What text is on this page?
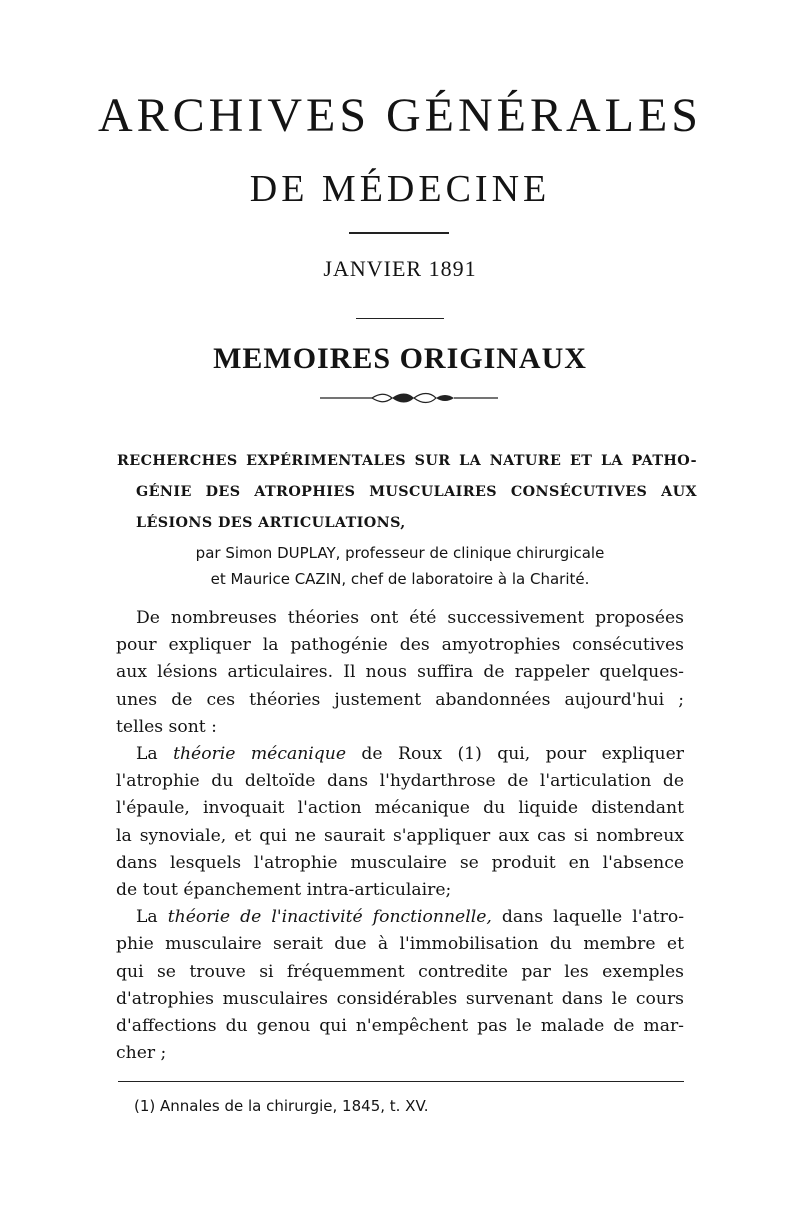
ARCHIVES GÉNÉRALES
DE MÉDECINE
JANVIER 1891
MEMOIRES ORIGINAUX
RECHERCHES EXPÉRIMENTALES SUR LA NATURE ET LA PATHO-
GÉNIE DES ATROPHIES MUSCULAIRES CONSÉCUTIVES AUX
LÉSIONS DES ARTICULATIONS,
par Simon DUPLAY, professeur de clinique chirurgicale
et Maurice CAZIN, chef de laboratoire à la Charité.
De nombreuses théories ont été successivement proposées
pour expliquer la pathogénie des amyotrophies consécutives
aux lésions articulaires. Il nous suffira de rappeler quelques-
unes de ces théories justement abandonnées aujourd'hui ;
telles sont :
La théorie mécanique de Roux (1) qui, pour expliquer
l'atrophie du deltoïde dans l'hydarthrose de l'articulation de
l'épaule, invoquait l'action mécanique du liquide distendant
la synoviale, et qui ne saurait s'appliquer aux cas si nombreux
dans lesquels l'atrophie musculaire se produit en l'absence
de tout épanchement intra-articulaire;
La théorie de l'inactivité fonctionnelle, dans laquelle l'atro-
phie musculaire serait due à l'immobilisation du membre et
qui se trouve si fréquemment contredite par les exemples
d'atrophies musculaires considérables survenant dans le cours
d'affections du genou qui n'empêchent pas le malade de mar-
cher ;
(1) Annales de la chirurgie, 1845, t. XV.
